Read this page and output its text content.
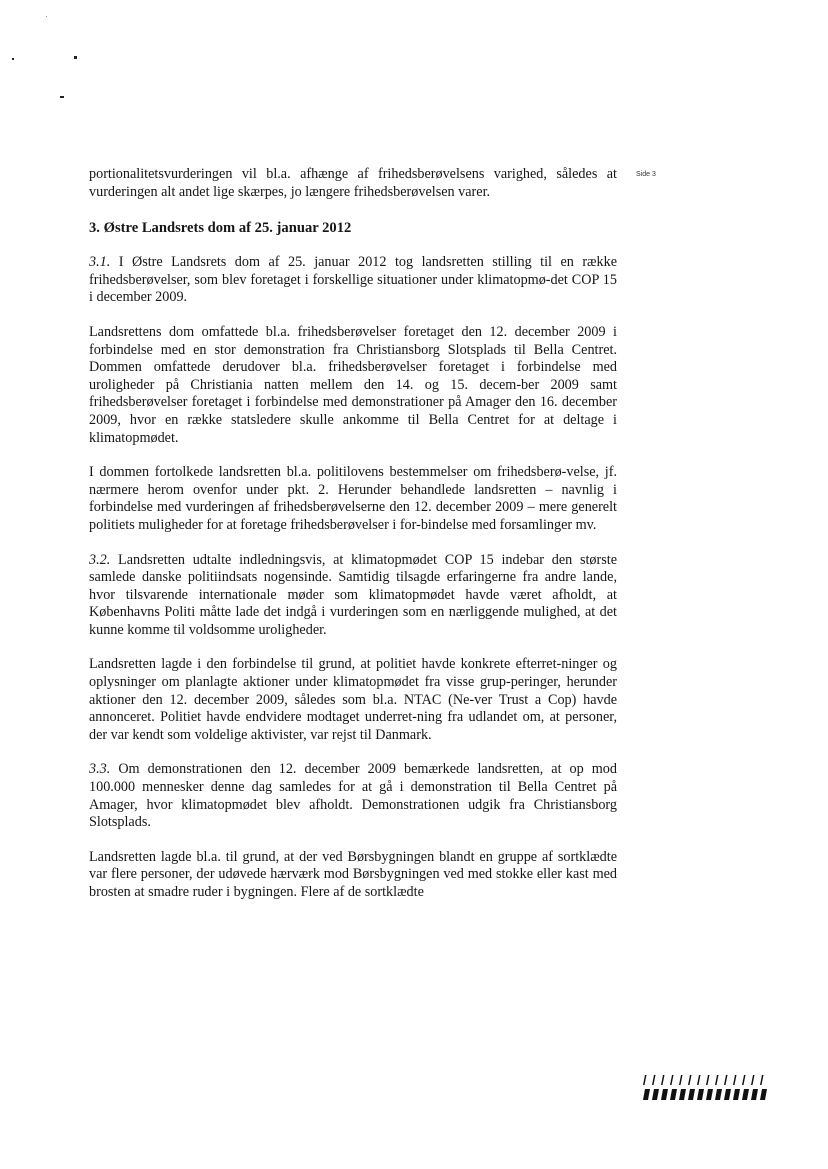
Side 3

portionalitetsvurderingen vil bl.a. afhænge af frihedsberøvelsens varighed, således at vurderingen alt andet lige skærpes, jo længere frihedsberøvelsen varer.

3. Østre Landsrets dom af 25. januar 2012

3.1. I Østre Landsrets dom af 25. januar 2012 tog landsretten stilling til en række frihedsberøvelser, som blev foretaget i forskellige situationer under klimatopmø-det COP 15 i december 2009.

Landsrettens dom omfattede bl.a. frihedsberøvelser foretaget den 12. december 2009 i forbindelse med en stor demonstration fra Christiansborg Slotsplads til Bella Centret. Dommen omfattede derudover bl.a. frihedsberøvelser foretaget i forbindelse med uroligheder på Christiania natten mellem den 14. og 15. decem-ber 2009 samt frihedsberøvelser foretaget i forbindelse med demonstrationer på Amager den 16. december 2009, hvor en række statsledere skulle ankomme til Bella Centret for at deltage i klimatopmødet.

I dommen fortolkede landsretten bl.a. politilovens bestemmelser om frihedsberø-velse, jf. nærmere herom ovenfor under pkt. 2. Herunder behandlede landsretten – navnlig i forbindelse med vurderingen af frihedsberøvelserne den 12. december 2009 – mere generelt politiets muligheder for at foretage frihedsberøvelser i for-bindelse med forsamlinger mv.

3.2. Landsretten udtalte indledningsvis, at klimatopmødet COP 15 indebar den største samlede danske politiindsats nogensinde. Samtidig tilsagde erfaringerne fra andre lande, hvor tilsvarende internationale møder som klimatopmødet havde været afholdt, at Københavns Politi måtte lade det indgå i vurderingen som en nærliggende mulighed, at det kunne komme til voldsomme uroligheder.

Landsretten lagde i den forbindelse til grund, at politiet havde konkrete efterret-ninger og oplysninger om planlagte aktioner under klimatopmødet fra visse grup-peringer, herunder aktioner den 12. december 2009, således som bl.a. NTAC (Ne-ver Trust a Cop) havde annonceret. Politiet havde endvidere modtaget underret-ning fra udlandet om, at personer, der var kendt som voldelige aktivister, var rejst til Danmark.

3.3. Om demonstrationen den 12. december 2009 bemærkede landsretten, at op mod 100.000 mennesker denne dag samledes for at gå i demonstration til Bella Centret på Amager, hvor klimatopmødet blev afholdt. Demonstrationen udgik fra Christiansborg Slotsplads.

Landsretten lagde bl.a. til grund, at der ved Børsbygningen blandt en gruppe af sortklædte var flere personer, der udøvede hærværk mod Børsbygningen ved med stokke eller kast med brosten at smadre ruder i bygningen. Flere af de sortklædte
